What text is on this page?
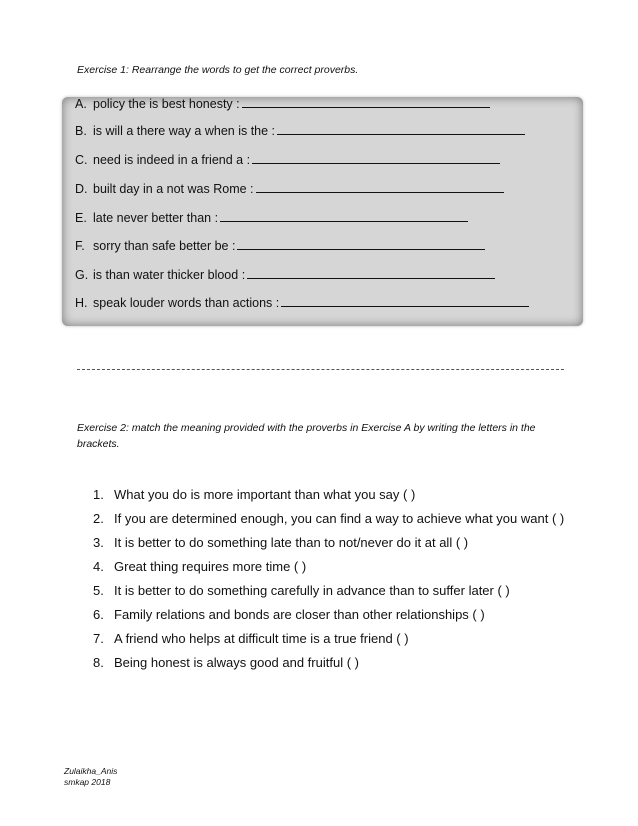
Exercise 1: Rearrange the words to get the correct proverbs.
A. policy the is best honesty :
B. is will a there way a when is the :
C. need is indeed in a friend a :
D. built day in a not was Rome :
E. late never better than :
F. sorry than safe better be :
G. is than water thicker blood :
H. speak louder words than actions :
Exercise 2: match the meaning provided with the proverbs in Exercise A by writing the letters in the brackets.
1. What you do is more important than what you say ( )
2. If you are determined enough, you can find a way to achieve what you want ( )
3. It is better to do something late than to not/never do it at all ( )
4. Great thing requires more time ( )
5. It is better to do something carefully in advance than to suffer later ( )
6. Family relations and bonds are closer than other relationships ( )
7. A friend who helps at difficult time is a true friend ( )
8. Being honest is always good and fruitful ( )
Zulaikha_Anis
smkap 2018
